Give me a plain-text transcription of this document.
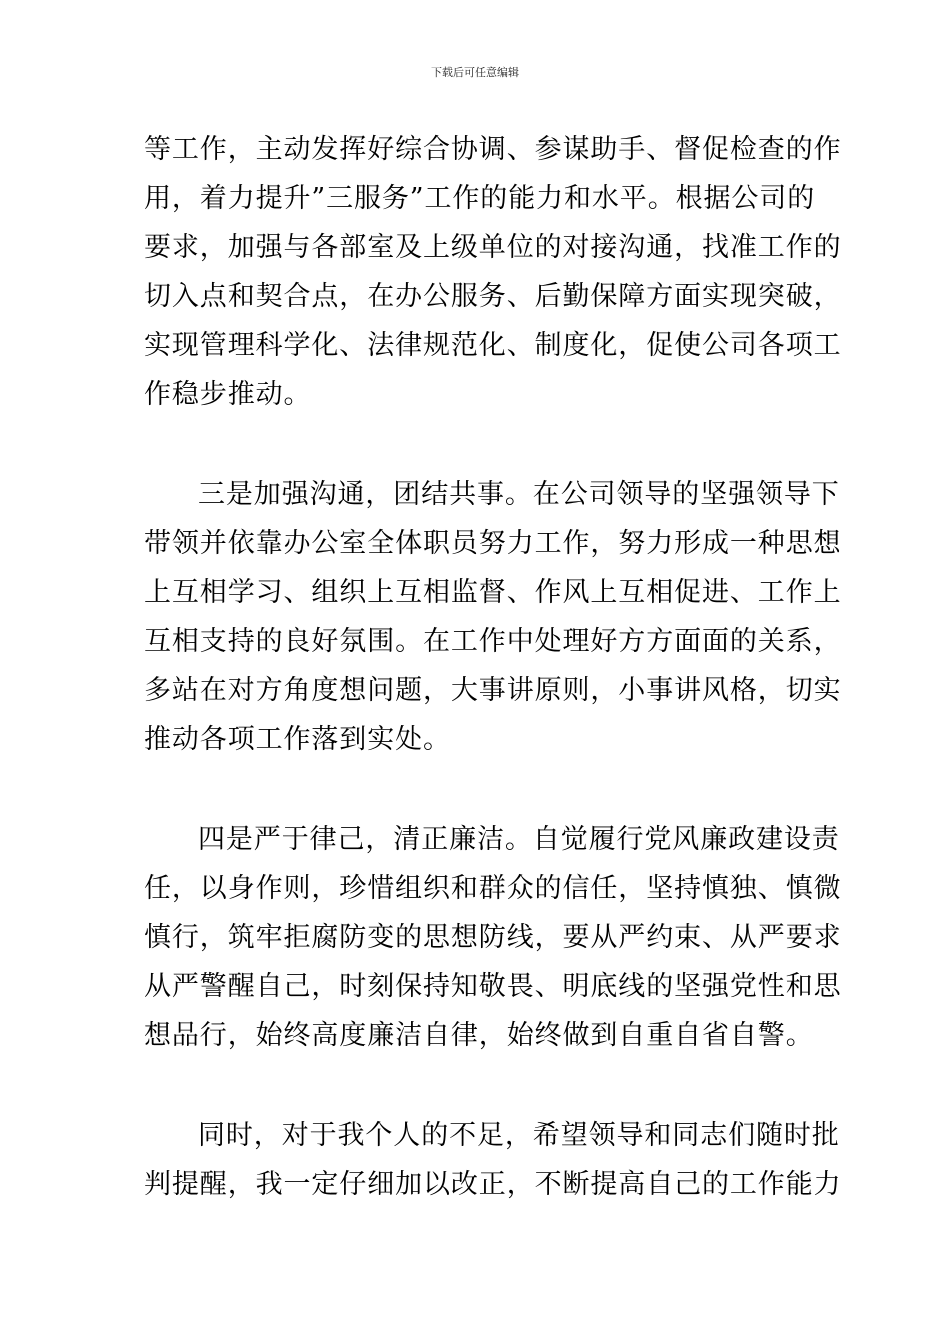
下载后可任意编辑
等工作，主动发挥好综合协调、参谋助手、督促检查的作
用，着力提升”三服务”工作的能力和水平。根据公司的
要求，加强与各部室及上级单位的对接沟通，找准工作的
切入点和契合点，在办公服务、后勤保障方面实现突破，
实现管理科学化、法律规范化、制度化，促使公司各项工
作稳步推动。
三是加强沟通，团结共事。在公司领导的坚强领导下
带领并依靠办公室全体职员努力工作，努力形成一种思想
上互相学习、组织上互相监督、作风上互相促进、工作上
互相支持的良好氛围。在工作中处理好方方面面的关系，
多站在对方角度想问题，大事讲原则，小事讲风格，切实
推动各项工作落到实处。
四是严于律己，清正廉洁。自觉履行党风廉政建设责
任，以身作则，珍惜组织和群众的信任，坚持慎独、慎微
慎行，筑牢拒腐防变的思想防线，要从严约束、从严要求
从严警醒自己，时刻保持知敬畏、明底线的坚强党性和思
想品行，始终高度廉洁自律，始终做到自重自省自警。
同时，对于我个人的不足，希望领导和同志们随时批
判提醒，我一定仔细加以改正，不断提高自己的工作能力
